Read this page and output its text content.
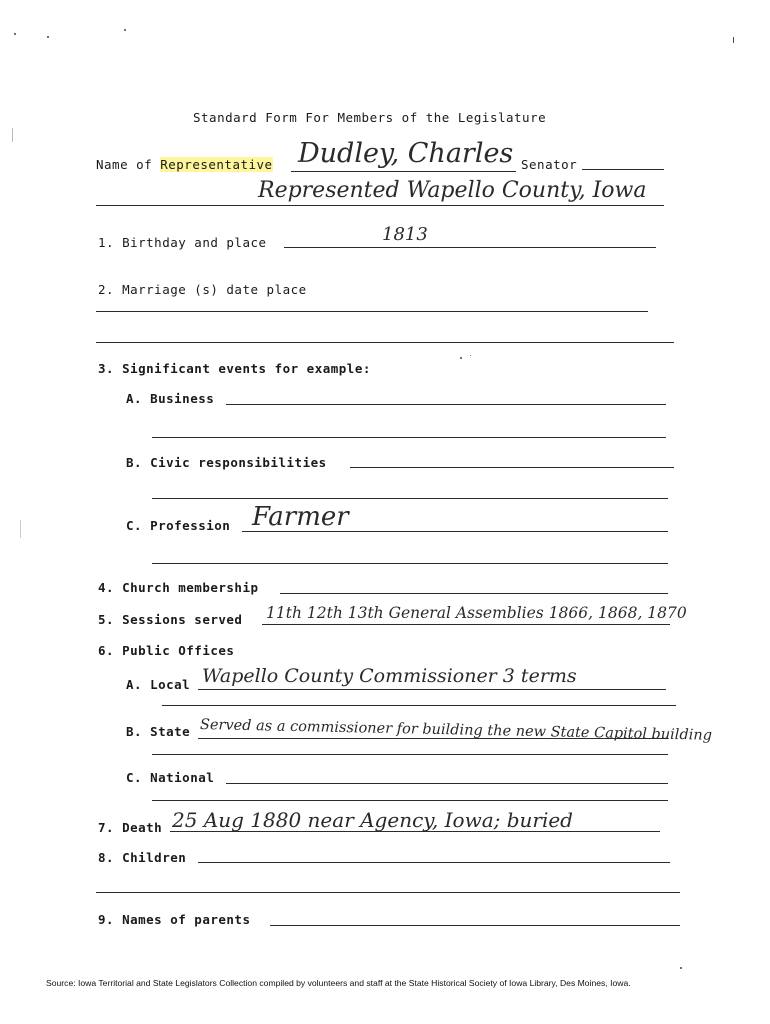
Standard Form For Members of the Legislature
Name of Representative Dudley, Charles Senator
Represented Wapello County, Iowa
1. Birthday and place	1813
2. Marriage (s) date place
3. Significant events for example:
A. Business
B. Civic responsibilities
C. Profession Farmer
4. Church membership
5. Sessions served 11th 12th 13th General Assemblies 1866, 1868, 1870
6. Public Offices
A. Local Wapello County Commissioner 3 terms
B. State Served as a commissioner for building the new State Capitol building
C. National
7. Death 25 Aug 1880 near Agency, Iowa; buried
8. Children
9. Names of parents
Source: Iowa Territorial and State Legislators Collection compiled by volunteers and staff at the State Historical Society of Iowa Library, Des Moines, Iowa.
